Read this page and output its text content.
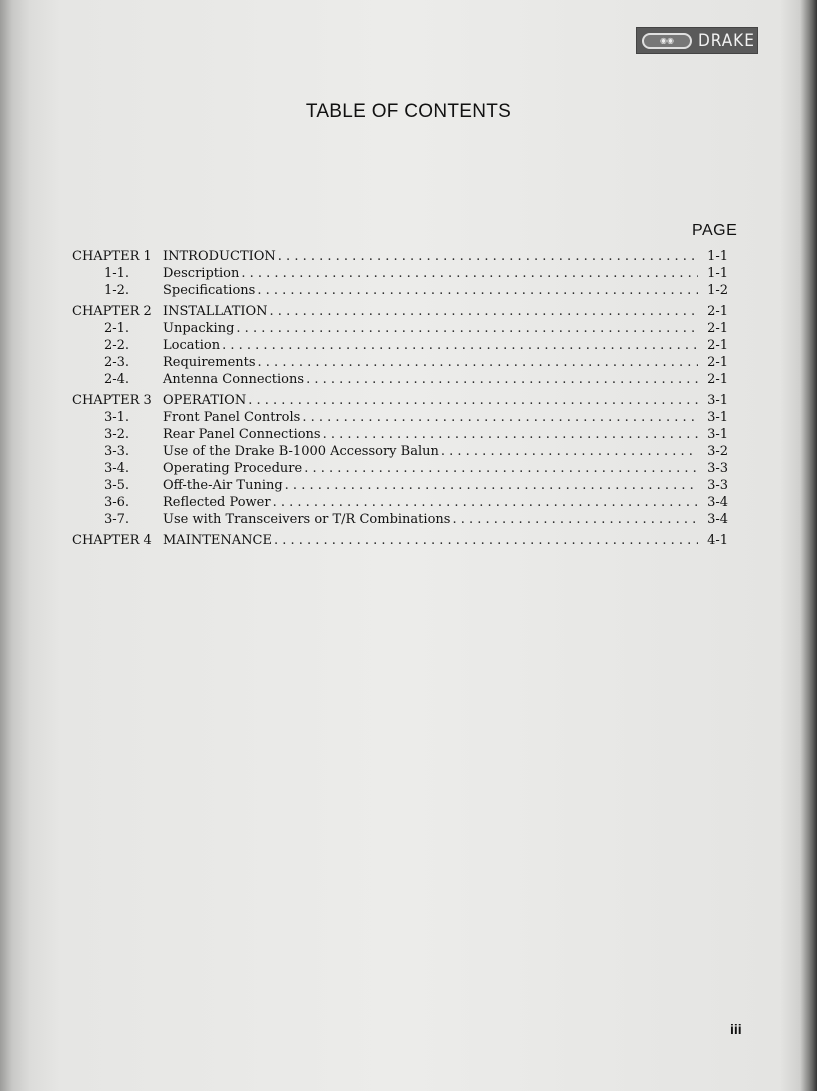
◉◉	DRAKE
TABLE OF CONTENTS
PAGE
CHAPTER 1 INTRODUCTION . . .	1-1
1-1.	Description . . .	1-1
1-2.	Specifications . . .	1-2
CHAPTER 2 INSTALLATION . . .	2-1
2-1.	Unpacking . . .	2-1
2-2.	Location . . .	2-1
2-3.	Requirements . . .	2-1
2-4.	Antenna Connections . . .	2-1
CHAPTER 3 OPERATION . . .	3-1
3-1.	Front Panel Controls . . .	3-1
3-2.	Rear Panel Connections . . .	3-1
3-3.	Use of the Drake B-1000 Accessory Balun . . .	3-2
3-4.	Operating Procedure . . .	3-3
3-5.	Off-the-Air Tuning . . .	3-3
3-6.	Reflected Power . . .	3-4
3-7.	Use with Transceivers or T/R Combinations . . .	3-4
CHAPTER 4 MAINTENANCE . . .	4-1
iii
